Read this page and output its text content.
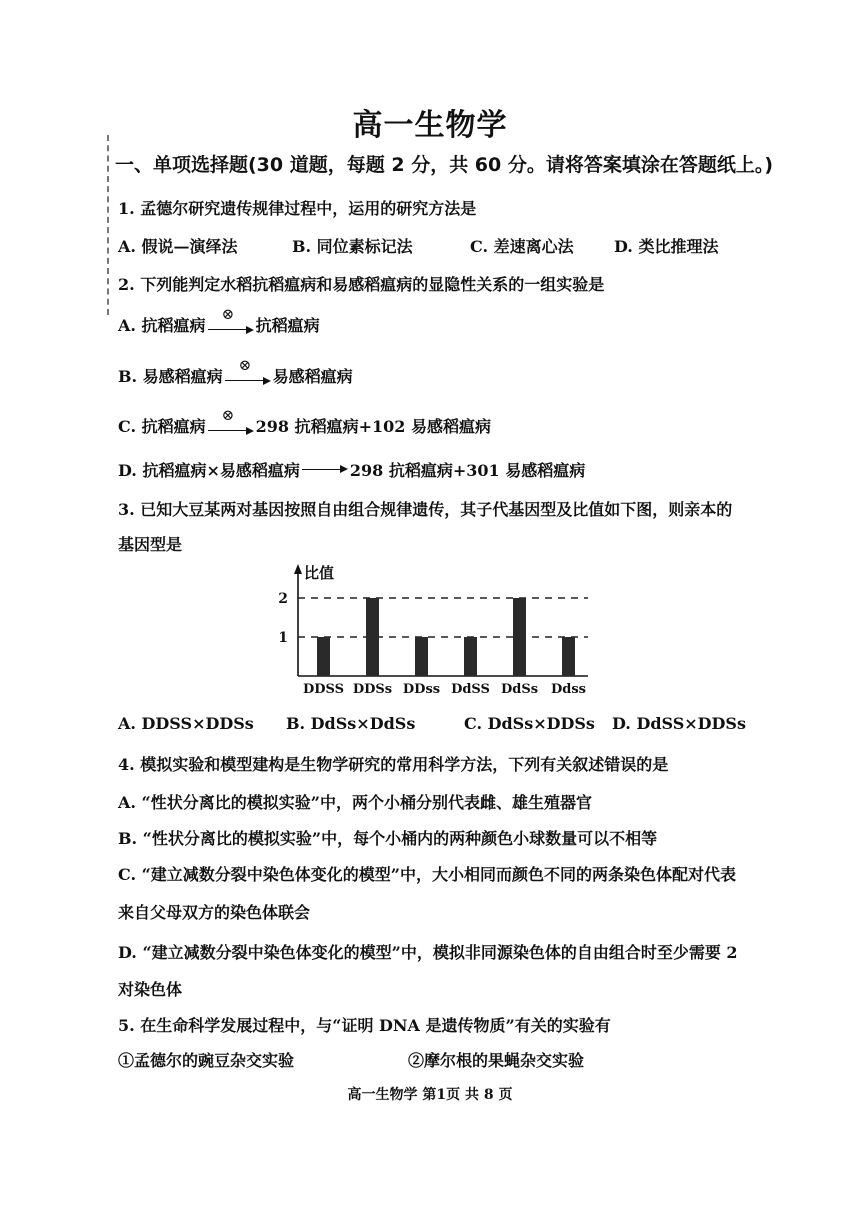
高一生物学
一、单项选择题(30 道题，每题 2 分，共 60 分。请将答案填涂在答题纸上。)
1. 孟德尔研究遗传规律过程中，运用的研究方法是
A. 假说—演绎法	B. 同位素标记法	C. 差速离心法	D. 类比推理法
2. 下列能判定水稻抗稻瘟病和易感稻瘟病的显隐性关系的一组实验是
A. 抗稻瘟病
⊗
抗稻瘟病
B. 易感稻瘟病
⊗
易感稻瘟病
C. 抗稻瘟病
⊗
298 抗稻瘟病+102 易感稻瘟病
D. 抗稻瘟病×易感稻瘟病	298 抗稻瘟病+301 易感稻瘟病
3. 已知大豆某两对基因按照自由组合规律遗传，其子代基因型及比值如下图，则亲本的
基因型是
比值
1
2
DDSS DDSs DDss DdSS DdSs Ddss
A. DDSS×DDSs B. DdSs×DdSs	C. DdSs×DDSs D. DdSS×DDSs
4. 模拟实验和模型建构是生物学研究的常用科学方法，下列有关叙述错误的是
A. “性状分离比的模拟实验”中，两个小桶分别代表雌、雄生殖器官
B. “性状分离比的模拟实验”中，每个小桶内的两种颜色小球数量可以不相等
C. “建立减数分裂中染色体变化的模型”中，大小相同而颜色不同的两条染色体配对代表
来自父母双方的染色体联会
D. “建立减数分裂中染色体变化的模型”中，模拟非同源染色体的自由组合时至少需要 2
对染色体
5. 在生命科学发展过程中，与“证明 DNA 是遗传物质”有关的实验有
①孟德尔的豌豆杂交实验	②摩尔根的果蝇杂交实验
高一生物学 第1页 共 8 页
